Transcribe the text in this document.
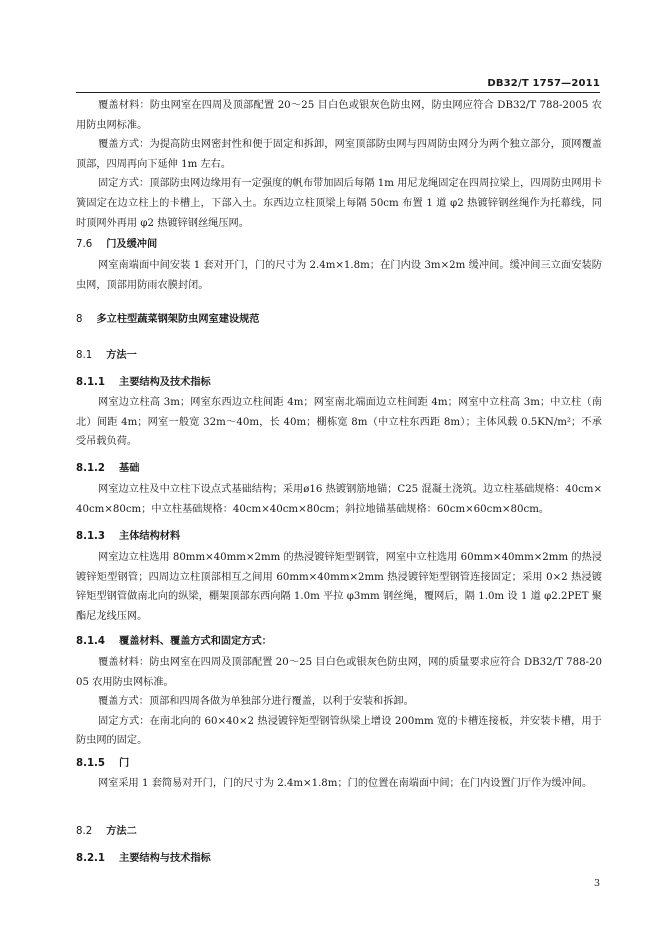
DB32/T 1757—2011

覆盖材料：防虫网室在四周及顶部配置 20～25 目白色或银灰色防虫网，防虫网应符合 DB32/T 788-2005 农用防虫网标准。

覆盖方式：为提高防虫网密封性和便于固定和拆卸，网室顶部防虫网与四周防虫网分为两个独立部分，顶网覆盖顶部，四周再向下延伸 1m 左右。

固定方式：顶部防虫网边缘用有一定强度的帆布带加固后每隔 1m 用尼龙绳固定在四周拉梁上，四周防虫网用卡簧固定在边立柱上的卡槽上，下部入土。东西边立柱顶梁上每隔 50cm 布置 1 道 φ2 热镀锌钢丝绳作为托幕线，同时顶网外再用 φ2 热镀锌钢丝绳压网。

7.6 门及缓冲间

网室南端面中间安装 1 套对开门，门的尺寸为 2.4m×1.8m；在门内设 3m×2m 缓冲间。缓冲间三立面安装防虫网，顶部用防雨农膜封闭。

8 多立柱型蔬菜钢架防虫网室建设规范
8.1 方法一
8.1.1 主要结构及技术指标

网室边立柱高 3m；网室东西边立柱间距 4m；网室南北端面边立柱间距 4m；网室中立柱高 3m；中立柱（南北）间距 4m；网室一般宽 32m～40m，长 40m；棚栋宽 8m（中立柱东西距 8m）；主体风载 0.5KN/m²；不承受吊载负荷。

8.1.2 基础

网室边立柱及中立柱下设点式基础结构；采用ø16 热镀钢筋地锚；C25 混凝土浇筑。边立柱基础规格：40cm×40cm×80cm；中立柱基础规格：40cm×40cm×80cm；斜拉地锚基础规格：60cm×60cm×80cm。

8.1.3 主体结构材料

网室边立柱选用 80mm×40mm×2mm 的热浸镀锌矩型钢管，网室中立柱选用 60mm×40mm×2mm 的热浸镀锌矩型钢管；四周边立柱顶部相互之间用 60mm×40mm×2mm 热浸镀锌矩型钢管连接固定；采用 0×2 热浸镀锌矩型钢管做南北向的纵梁，棚架顶部东西向隔 1.0m 平拉 φ3mm 钢丝绳，覆网后，隔 1.0m 设 1 道 φ2.2PET 聚酯尼龙线压网。

8.1.4 覆盖材料、覆盖方式和固定方式：

覆盖材料：防虫网室在四周及顶部配置 20～25 目白色或银灰色防虫网，网的质量要求应符合 DB32/T 788-2005 农用防虫网标准。

覆盖方式：顶部和四周各做为单独部分进行覆盖，以利于安装和拆卸。

固定方式：在南北向的 60×40×2 热浸镀锌矩型钢管纵梁上增设 200mm 宽的卡槽连接板，并安装卡槽，用于防虫网的固定。

8.1.5 门

网室采用 1 套简易对开门，门的尺寸为 2.4m×1.8m；门的位置在南端面中间；在门内设置门厅作为缓冲间。

8.2 方法二
8.2.1 主要结构与技术指标
3
